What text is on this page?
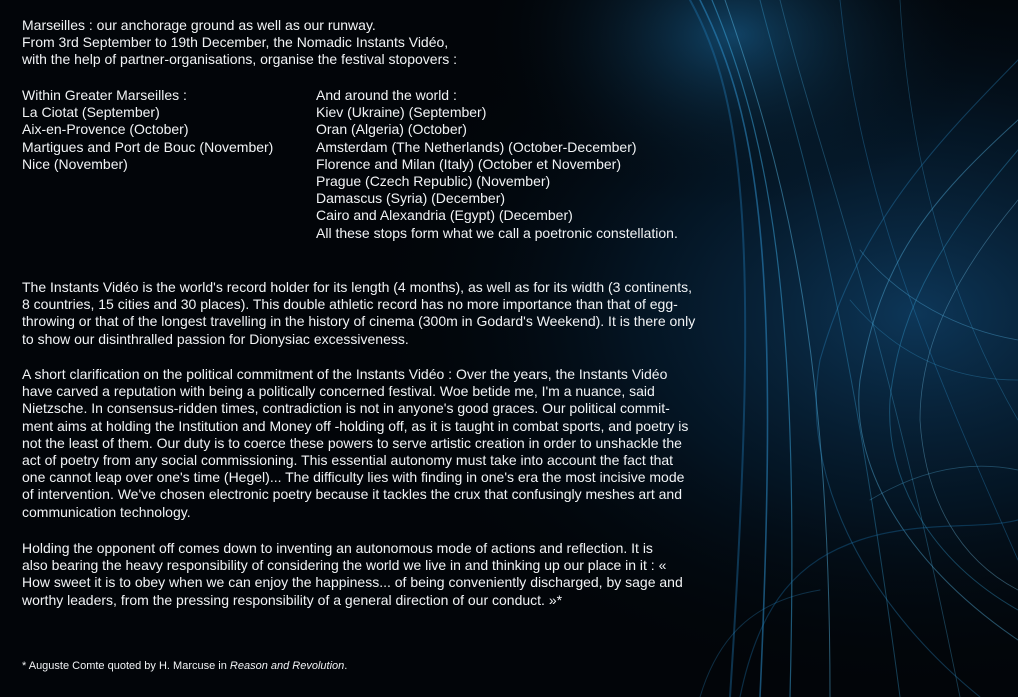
Marseilles : our anchorage ground as well as our runway.
From 3rd September to 19th December, the Nomadic Instants Vidéo,
with the help of partner-organisations, organise the festival stopovers :
Within Greater Marseilles :
La Ciotat (September)
Aix-en-Provence (October)
Martigues and Port de Bouc (November)
Nice (November)
And around the world :
Kiev (Ukraine) (September)
Oran (Algeria) (October)
Amsterdam (The Netherlands) (October-December)
Florence and Milan (Italy) (October et November)
Prague (Czech Republic) (November)
Damascus (Syria) (December)
Cairo and Alexandria (Egypt) (December)
All these stops form what we call a poetronic constellation.
The Instants Vidéo is the world's record holder for its length (4 months), as well as for its width (3 continents,
8 countries, 15 cities and 30 places). This double athletic record has no more importance than that of egg-
throwing or that of the longest travelling in the history of cinema (300m in Godard's Weekend). It is there only
to show our disinthralled passion for Dionysiac excessiveness.
A short clarification on the political commitment of the Instants Vidéo : Over the years, the Instants Vidéo
have carved a reputation with being a politically concerned festival. Woe betide me, I'm a nuance, said
Nietzsche. In consensus-ridden times, contradiction is not in anyone's good graces. Our political commit-
ment aims at holding the Institution and Money off -holding off, as it is taught in combat sports, and poetry is
not the least of them. Our duty is to coerce these powers to serve artistic creation in order to unshackle the
act of poetry from any social commissioning. This essential autonomy must take into account the fact that
one cannot leap over one's time (Hegel)... The difficulty lies with finding in one's era the most incisive mode
of intervention. We've chosen electronic poetry because it tackles the crux that confusingly meshes art and
communication technology.
Holding the opponent off comes down to inventing an autonomous mode of actions and reflection. It is
also bearing the heavy responsibility of considering the world we live in and thinking up our place in it : «
How sweet it is to obey when we can enjoy the happiness... of being conveniently discharged, by sage and
worthy leaders, from the pressing responsibility of a general direction of our conduct. »*
* Auguste Comte quoted by H. Marcuse in Reason and Revolution.
